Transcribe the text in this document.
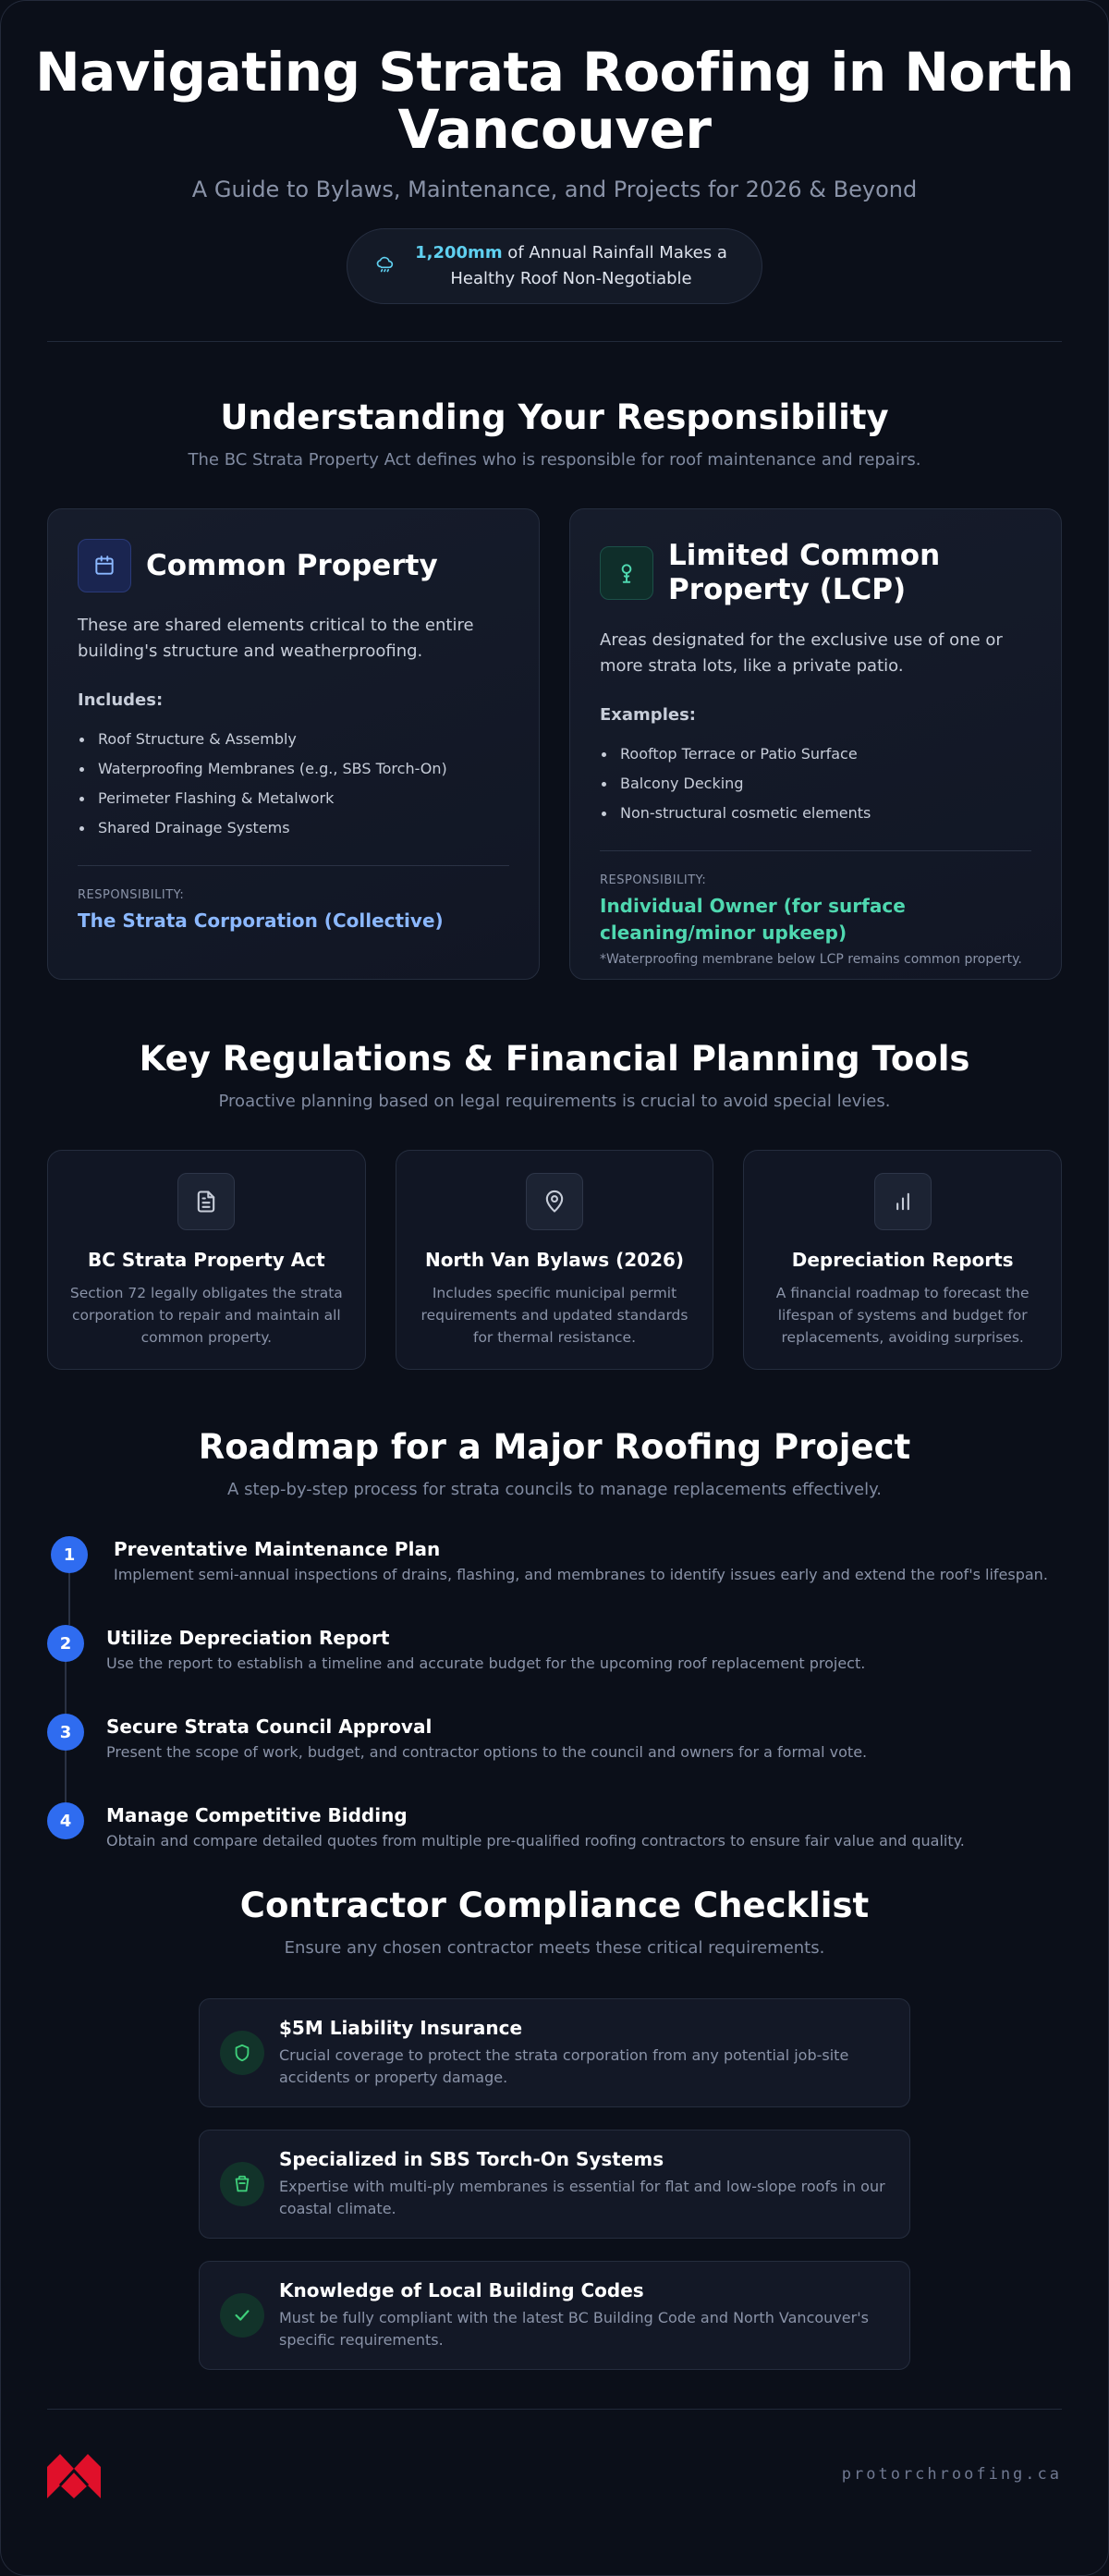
Navigating Strata Roofing in North Vancouver
A Guide to Bylaws, Maintenance, and Projects for 2026 & Beyond
1,200mm of Annual Rainfall Makes a Healthy Roof Non-Negotiable
Understanding Your Responsibility
The BC Strata Property Act defines who is responsible for roof maintenance and repairs.
Common Property
These are shared elements critical to the entire building's structure and weatherproofing.
Includes:
Roof Structure & Assembly
Waterproofing Membranes (e.g., SBS Torch-On)
Perimeter Flashing & Metalwork
Shared Drainage Systems
RESPONSIBILITY:
The Strata Corporation (Collective)
Limited Common Property (LCP)
Areas designated for the exclusive use of one or more strata lots, like a private patio.
Examples:
Rooftop Terrace or Patio Surface
Balcony Decking
Non-structural cosmetic elements
RESPONSIBILITY:
Individual Owner (for surface cleaning/minor upkeep)
*Waterproofing membrane below LCP remains common property.
Key Regulations & Financial Planning Tools
Proactive planning based on legal requirements is crucial to avoid special levies.
BC Strata Property Act
Section 72 legally obligates the strata corporation to repair and maintain all common property.
North Van Bylaws (2026)
Includes specific municipal permit requirements and updated standards for thermal resistance.
Depreciation Reports
A financial roadmap to forecast the lifespan of systems and budget for replacements, avoiding surprises.
Roadmap for a Major Roofing Project
A step-by-step process for strata councils to manage replacements effectively.
1	Preventative Maintenance Plan
Implement semi-annual inspections of drains, flashing, and membranes to identify issues early and extend the roof's lifespan.
2	Utilize Depreciation Report
Use the report to establish a timeline and accurate budget for the upcoming roof replacement project.
3	Secure Strata Council Approval
Present the scope of work, budget, and contractor options to the council and owners for a formal vote.
4	Manage Competitive Bidding
Obtain and compare detailed quotes from multiple pre-qualified roofing contractors to ensure fair value and quality.
Contractor Compliance Checklist
Ensure any chosen contractor meets these critical requirements.
$5M Liability Insurance
Crucial coverage to protect the strata corporation from any potential job-site accidents or property damage.
Specialized in SBS Torch-On Systems
Expertise with multi-ply membranes is essential for flat and low-slope roofs in our coastal climate.
Knowledge of Local Building Codes
Must be fully compliant with the latest BC Building Code and North Vancouver's specific requirements.
protorchroofing.ca
